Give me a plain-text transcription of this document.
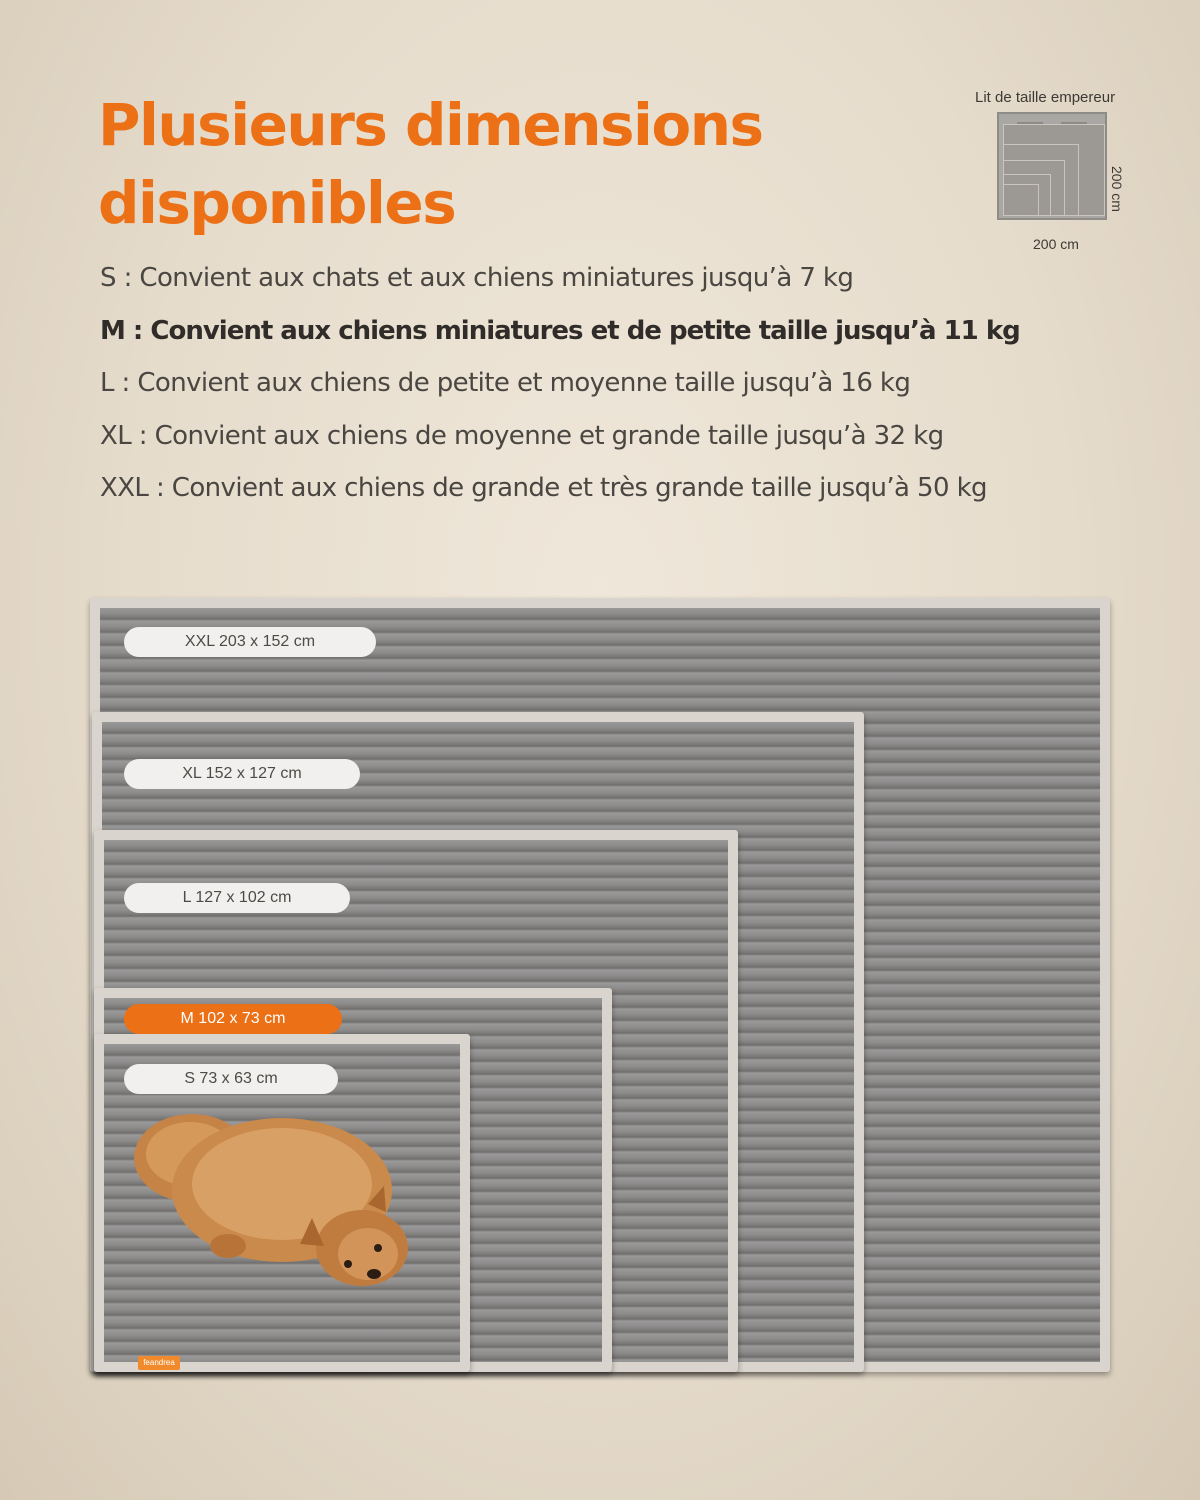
Plusieurs dimensions
disponibles
S : Convient aux chats et aux chiens miniatures jusqu’à 7 kg
M : Convient aux chiens miniatures et de petite taille jusqu’à 11 kg
L : Convient aux chiens de petite et moyenne taille jusqu’à 16 kg
XL : Convient aux chiens de moyenne et grande taille jusqu’à 32 kg
XXL : Convient aux chiens de grande et très grande taille jusqu’à 50 kg
Lit de taille empereur
200 cm
200 cm
XXL 203 x 152 cm
XL 152 x 127 cm
L 127 x 102 cm
M 102 x 73 cm
S 73 x 63 cm
feandrea
